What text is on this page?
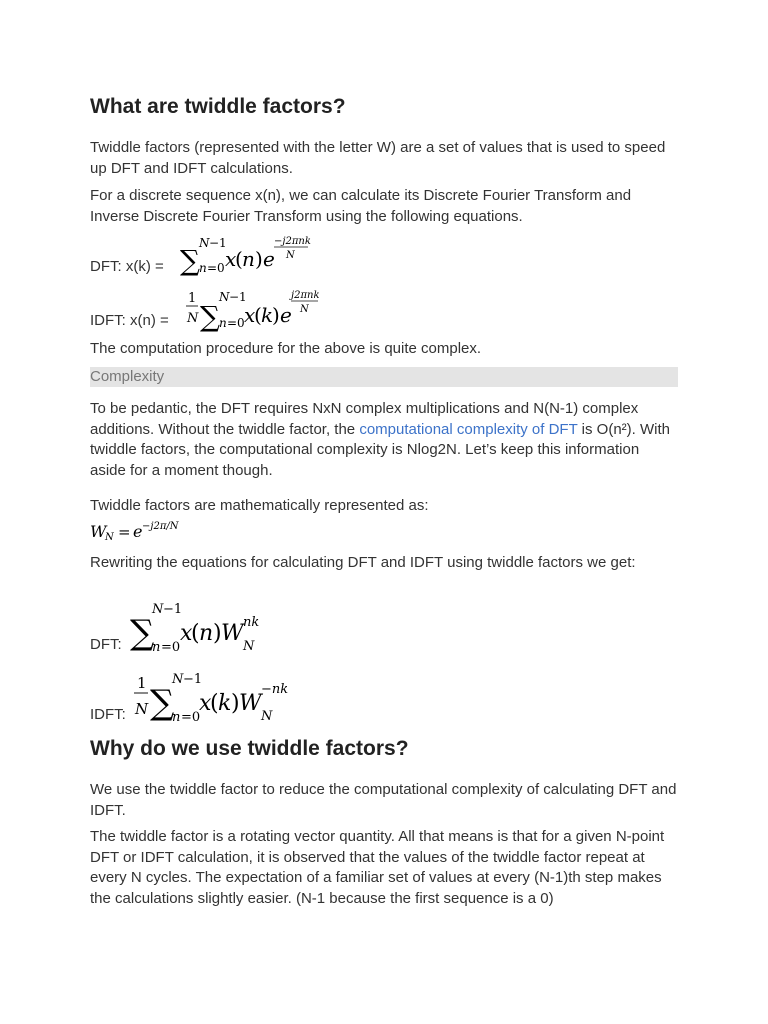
What are twiddle factors?

Twiddle factors (represented with the letter W) are a set of values that is used to speed up DFT and IDFT calculations.

For a discrete sequence x(n), we can calculate its Discrete Fourier Transform and Inverse Discrete Fourier Transform using the following equations.

DFT: x(k) = ∑
N −1
n =0 x
( n ) e
−j2πnk
N
IDFT: x(n) =
1
N ∑
N −1
n =0 x
( k
) e
j2πnk
N

The computation procedure for the above is quite complex.

Complexity

To be pedantic, the DFT requires NxN complex multiplications and N(N-1) complex additions. Without the twiddle factor, the computational complexity of DFT is O(n²). With twiddle factors, the computational complexity is Nlog2N. Let’s keep this information aside for a moment though.

Twiddle factors are mathematically represented as:

W
N = e −j2π/N

Rewriting the equations for calculating DFT and IDFT using twiddle factors we get:

DFT: ∑
N −1
n =0
x
( n ) W nk
N
IDFT:
1
N ∑
N −1
n =0
x
( k ) W
−nk
N
Why do we use twiddle factors?

We use the twiddle factor to reduce the computational complexity of calculating DFT and IDFT.

The twiddle factor is a rotating vector quantity. All that means is that for a given N-point DFT or IDFT calculation, it is observed that the values of the twiddle factor repeat at every N cycles. The expectation of a familiar set of values at every (N-1)th step makes the calculations slightly easier. (N-1 because the first sequence is a 0)
